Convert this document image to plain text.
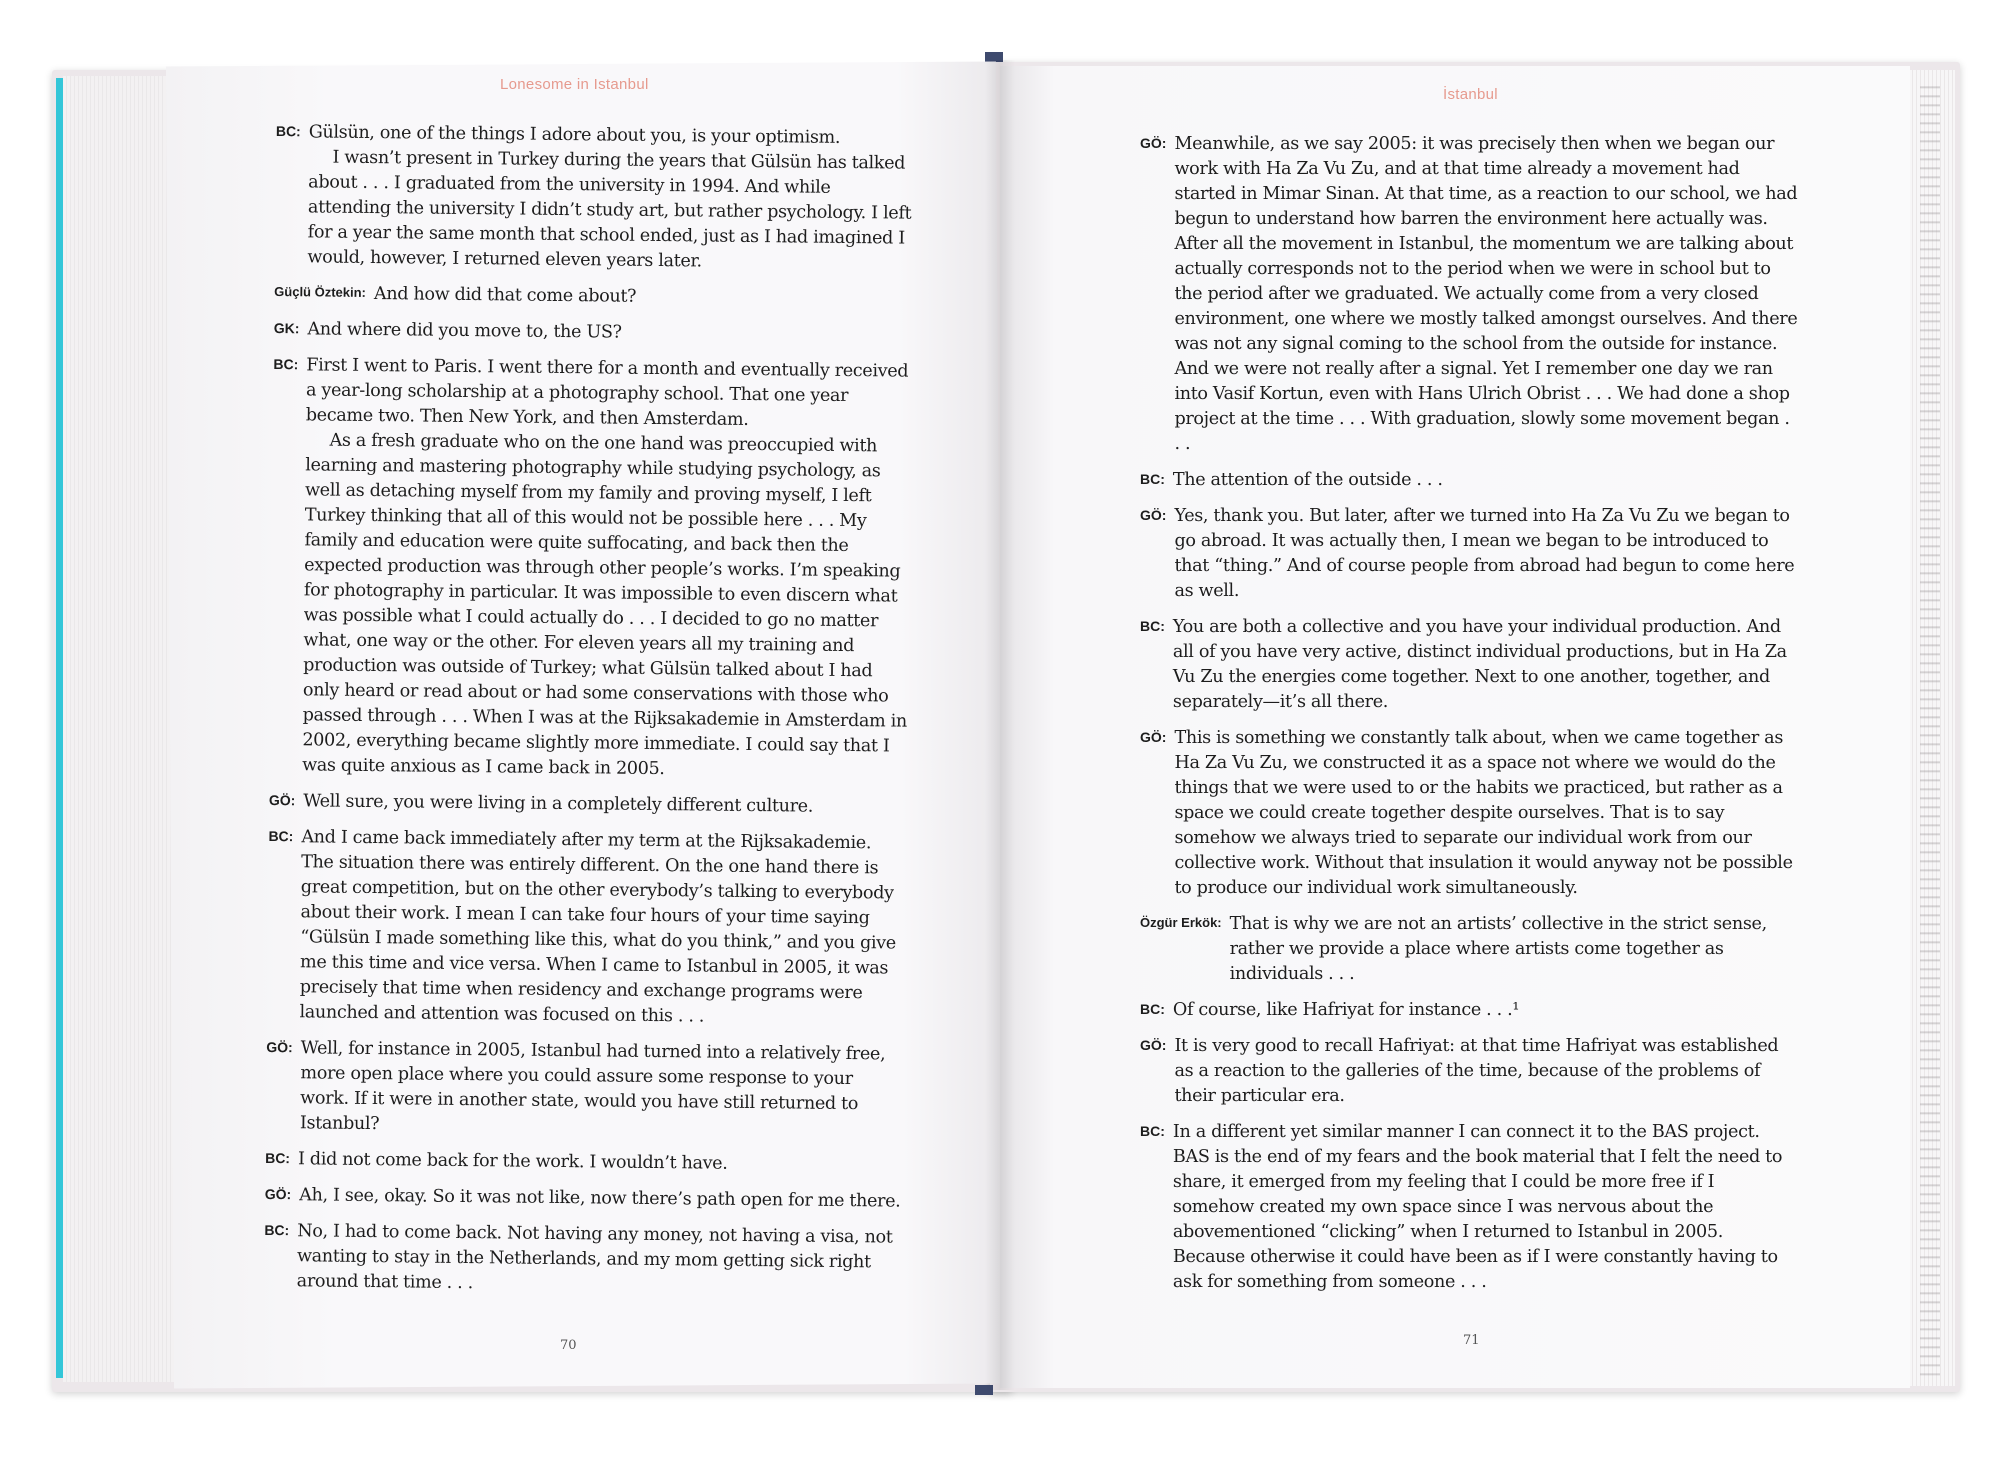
Lonesome in Istanbul
İstanbul
BC: Gülsün, one of the things I adore about you, is your optimism.

I wasn’t present in Turkey during the years that Gülsün has talked about . . . I graduated from the university in 1994. And while attending the university I didn’t study art, but rather psychology. I left for a year the same month that school ended, just as I had imagined I would, however, I returned eleven years later.

Güçlü Öztekin: And how did that come about?

GK: And where did you move to, the US?

BC: First I went to Paris. I went there for a month and eventually received a year-long scholarship at a photography school. That one year became two. Then New York, and then Amsterdam.

As a fresh graduate who on the one hand was preoccupied with learning and mastering photography while studying psychology, as well as detaching myself from my family and proving myself, I left Turkey thinking that all of this would not be possible here . . . My family and education were quite suffocating, and back then the expected production was through other people’s works. I’m speaking for photography in particular. It was impossible to even discern what was possible what I could actually do . . . I decided to go no matter what, one way or the other. For eleven years all my training and production was outside of Turkey; what Gülsün talked about I had only heard or read about or had some conservations with those who passed through . . . When I was at the Rijksakademie in Amsterdam in 2002, everything became slightly more immediate. I could say that I was quite anxious as I came back in 2005.

GÖ: Well sure, you were living in a completely different culture.

BC: And I came back immediately after my term at the Rijksakademie. The situation there was entirely different. On the one hand there is great competition, but on the other everybody’s talking to everybody about their work. I mean I can take four hours of your time saying “Gülsün I made something like this, what do you think,” and you give me this time and vice versa. When I came to Istanbul in 2005, it was precisely that time when residency and exchange programs were launched and attention was focused on this . . .

GÖ: Well, for instance in 2005, Istanbul had turned into a relatively free, more open place where you could assure some response to your work. If it were in another state, would you have still returned to Istanbul?

BC: I did not come back for the work. I wouldn’t have.

GÖ: Ah, I see, okay. So it was not like, now there’s path open for me there.

BC: No, I had to come back. Not having any money, not having a visa, not wanting to stay in the Netherlands, and my mom getting sick right around that time . . .

GÖ: Meanwhile, as we say 2005: it was precisely then when we began our work with Ha Za Vu Zu, and at that time already a movement had started in Mimar Sinan. At that time, as a reaction to our school, we had begun to understand how barren the environment here actually was. After all the movement in Istanbul, the momentum we are talking about actually corresponds not to the period when we were in school but to the period after we graduated. We actually come from a very closed environment, one where we mostly talked amongst ourselves. And there was not any signal coming to the school from the outside for instance. And we were not really after a signal. Yet I remember one day we ran into Vasif Kortun, even with Hans Ulrich Obrist . . . We had done a shop project at the time . . . With graduation, slowly some movement began . . .

BC: The attention of the outside . . .

GÖ: Yes, thank you. But later, after we turned into Ha Za Vu Zu we began to go abroad. It was actually then, I mean we began to be introduced to that “thing.” And of course people from abroad had begun to come here as well.

BC: You are both a collective and you have your individual production. And all of you have very active, distinct individual productions, but in Ha Za Vu Zu the energies come together. Next to one another, together, and separately—it’s all there.

GÖ: This is something we constantly talk about, when we came together as Ha Za Vu Zu, we constructed it as a space not where we would do the things that we were used to or the habits we practiced, but rather as a space we could create together despite ourselves. That is to say somehow we always tried to separate our individual work from our collective work. Without that insulation it would anyway not be possible to produce our individual work simultaneously.

Özgür Erkök: That is why we are not an artists’ collective in the strict sense, rather we provide a place where artists come together as individuals . . .

BC: Of course, like Hafriyat for instance . . .¹

GÖ: It is very good to recall Hafriyat: at that time Hafriyat was established as a reaction to the galleries of the time, because of the problems of their particular era.

BC: In a different yet similar manner I can connect it to the BAS project. BAS is the end of my fears and the book material that I felt the need to share, it emerged from my feeling that I could be more free if I somehow created my own space since I was nervous about the abovementioned “clicking” when I returned to Istanbul in 2005. Because otherwise it could have been as if I were constantly having to ask for something from someone . . .

70	71
